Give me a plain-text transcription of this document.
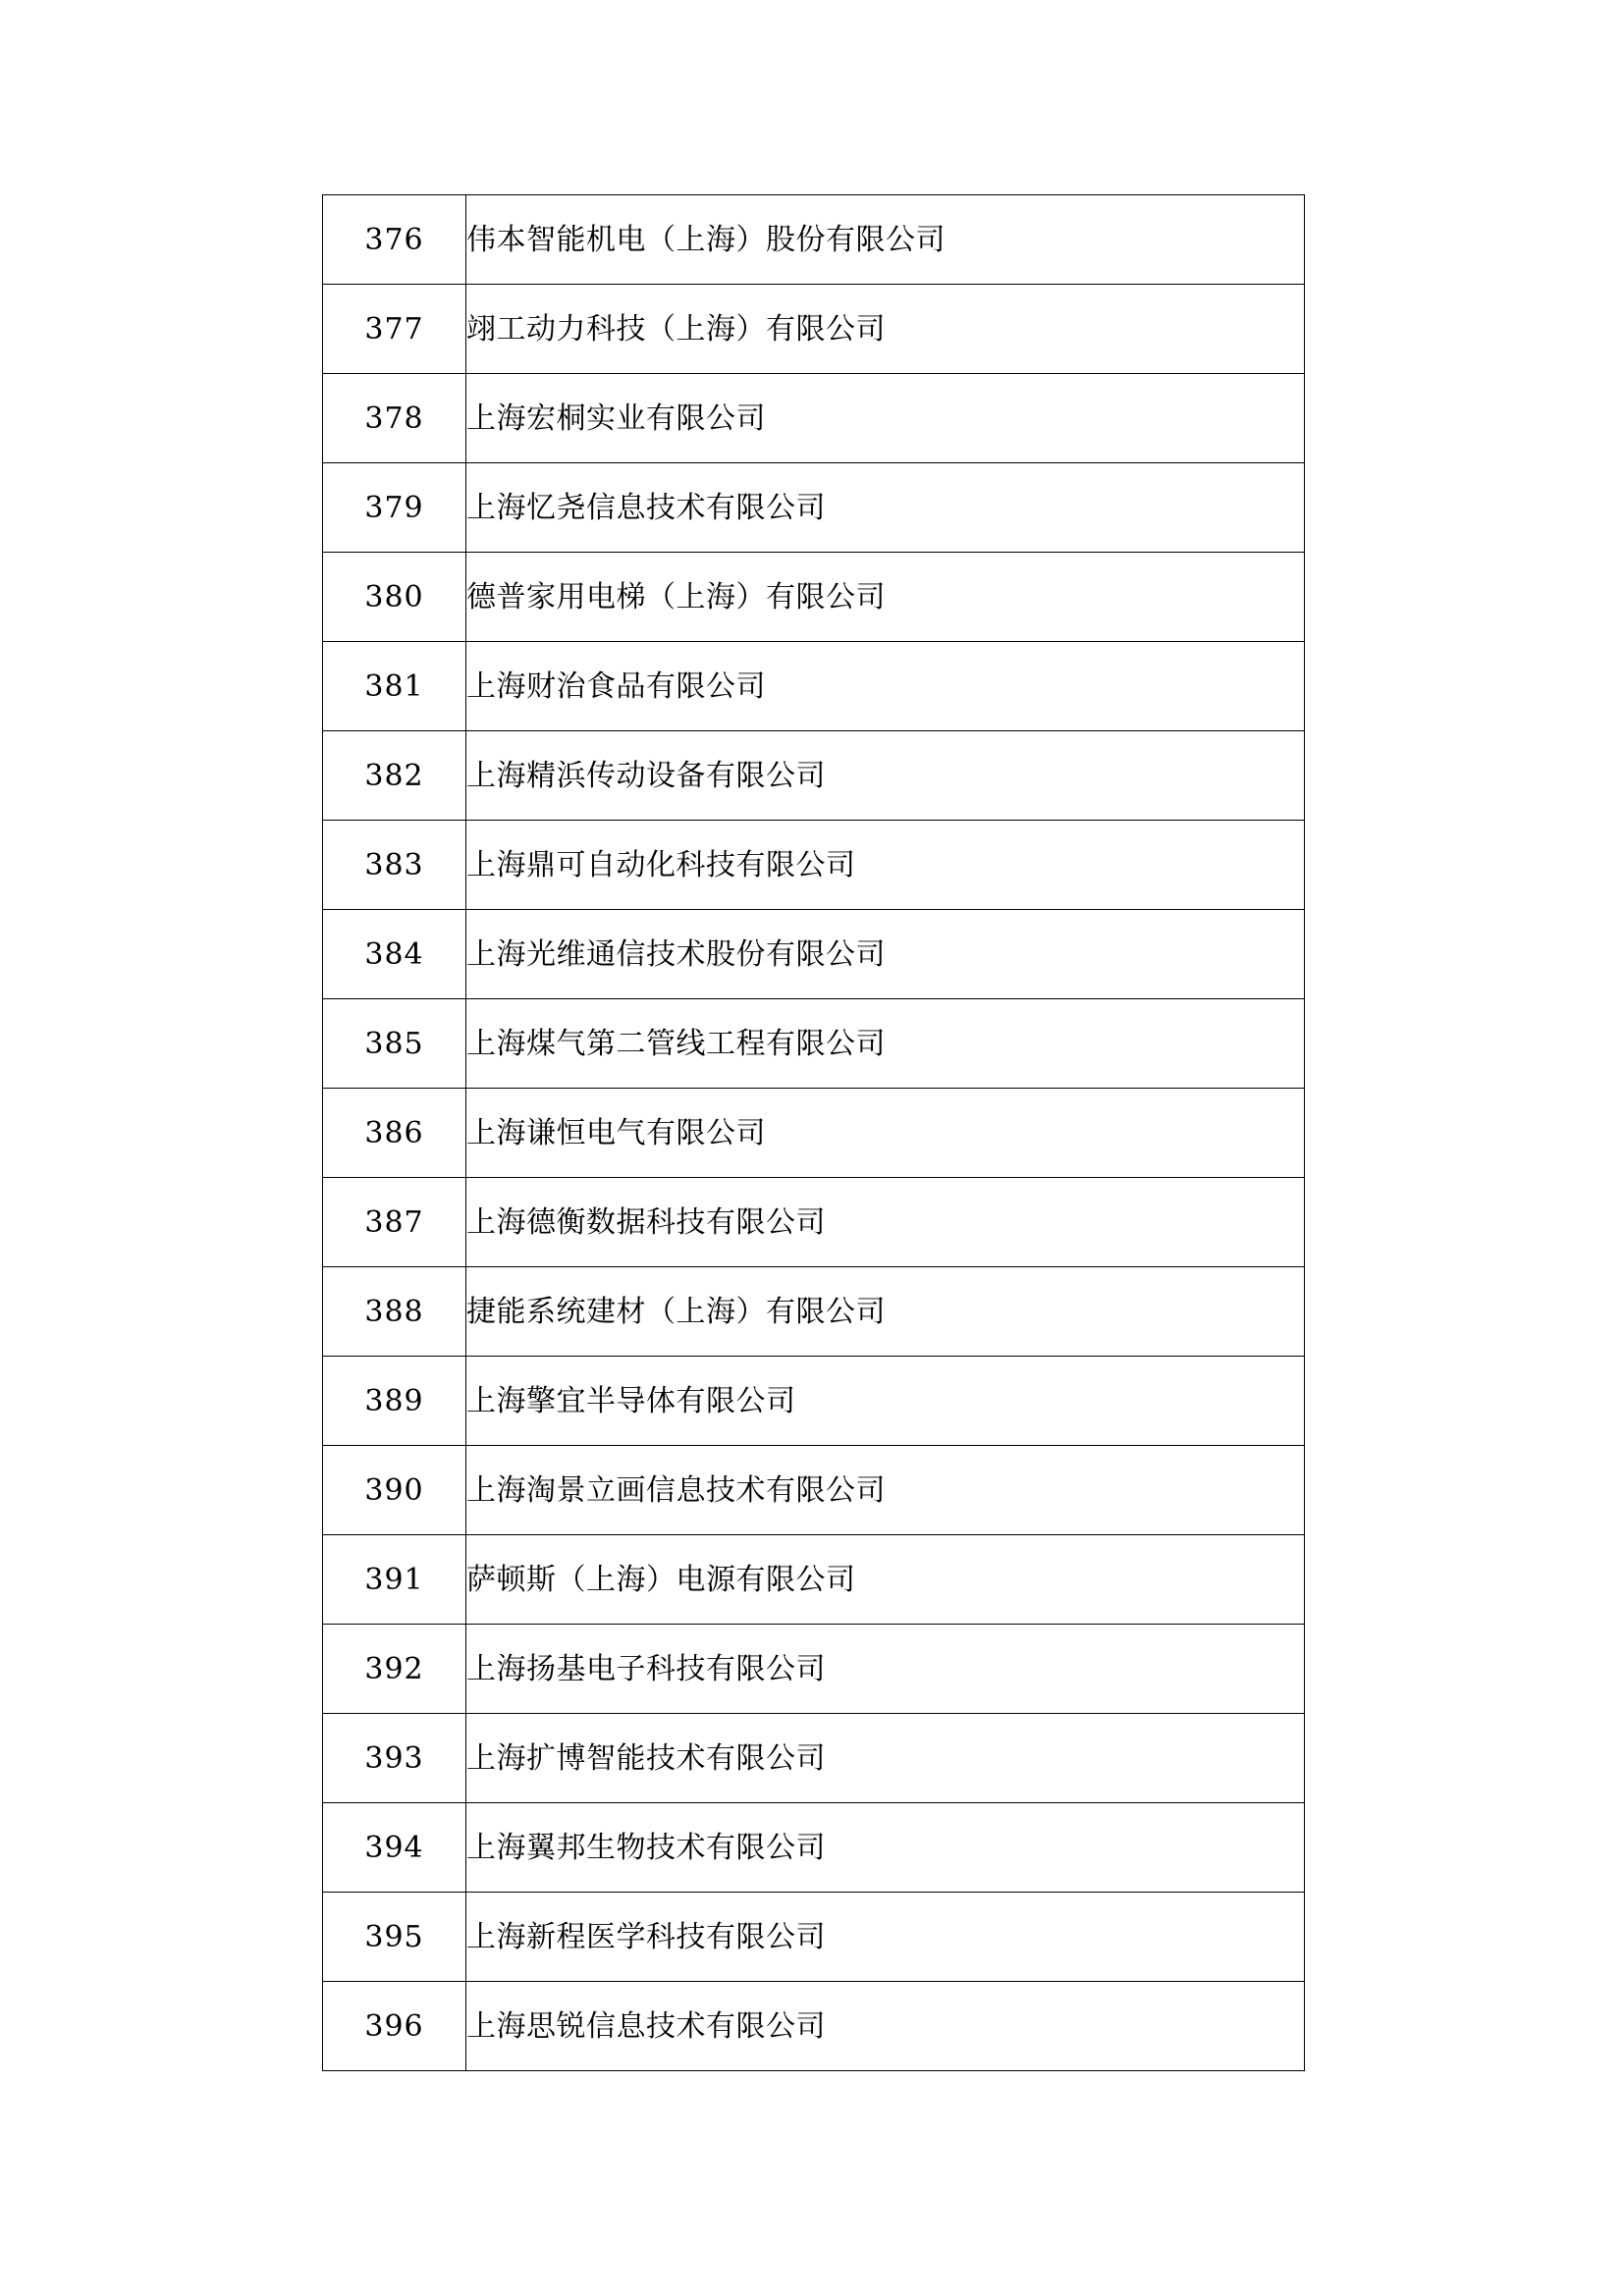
376	伟本智能机电（上海）股份有限公司

377	翊工动力科技（上海）有限公司

378	上海宏桐实业有限公司

379	上海忆尧信息技术有限公司

380	德普家用电梯（上海）有限公司

381	上海财治食品有限公司

382	上海精浜传动设备有限公司

383	上海鼎可自动化科技有限公司

384	上海光维通信技术股份有限公司

385	上海煤气第二管线工程有限公司

386	上海谦恒电气有限公司

387	上海德衡数据科技有限公司

388	捷能系统建材（上海）有限公司

389	上海擎宜半导体有限公司

390	上海淘景立画信息技术有限公司

391	萨顿斯（上海）电源有限公司

392	上海扬基电子科技有限公司

393	上海扩博智能技术有限公司

394	上海翼邦生物技术有限公司

395	上海新程医学科技有限公司

396	上海思锐信息技术有限公司
